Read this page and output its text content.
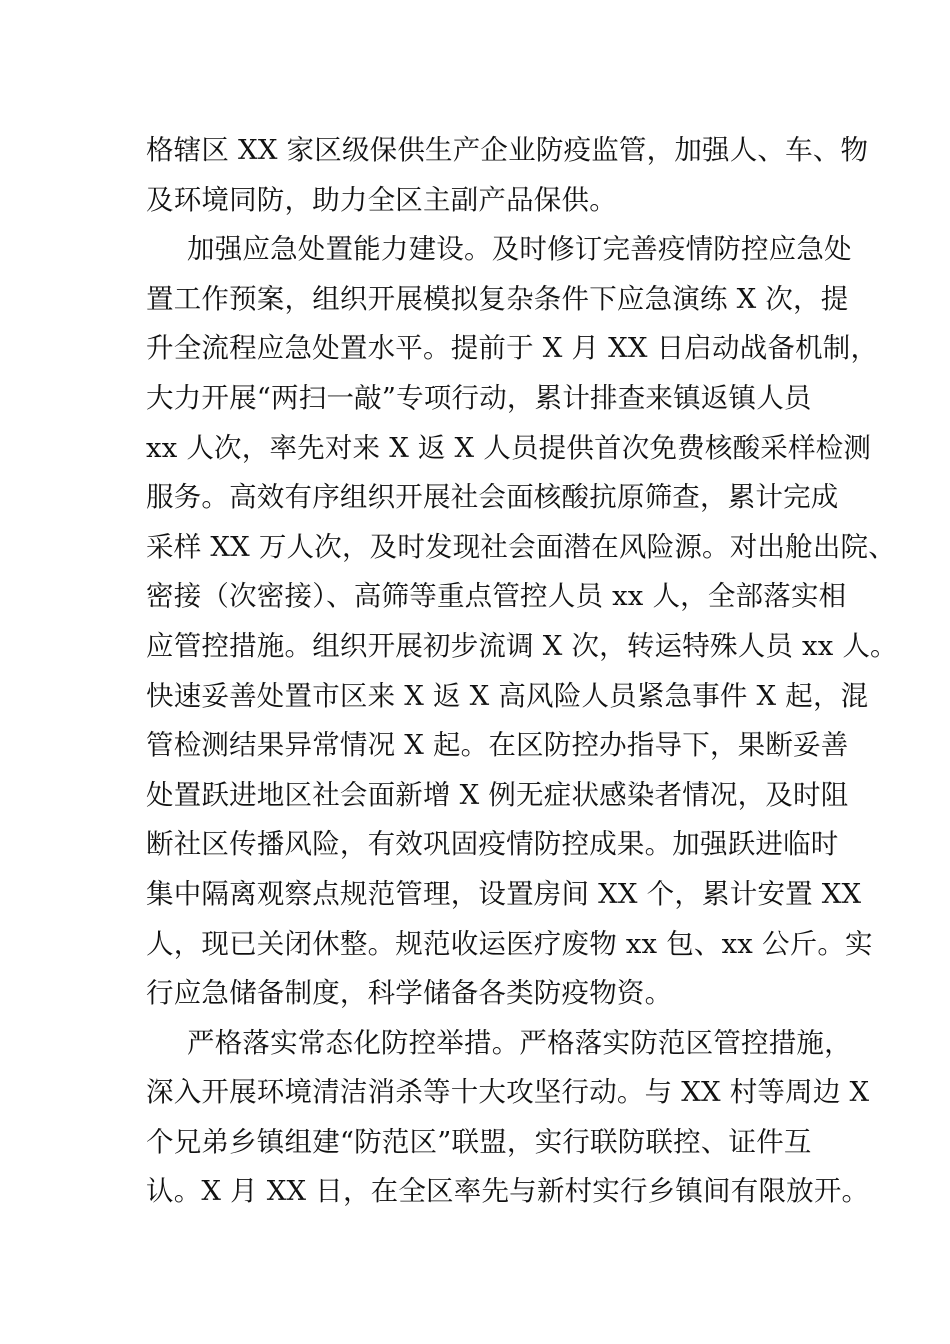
格辖区 XX 家区级保供生产企业防疫监管，加强人、车、物
及环境同防，助力全区主副产品保供。
加强应急处置能力建设。及时修订完善疫情防控应急处
置工作预案，组织开展模拟复杂条件下应急演练 X 次，提
升全流程应急处置水平。提前于 X 月 XX 日启动战备机制，
大力开展“两扫一敲”专项行动，累计排查来镇返镇人员
xx 人次，率先对来 X 返 X 人员提供首次免费核酸采样检测
服务。高效有序组织开展社会面核酸抗原筛查，累计完成
采样 XX 万人次，及时发现社会面潜在风险源。对出舱出院、
密接（次密接）、高筛等重点管控人员 xx 人，全部落实相
应管控措施。组织开展初步流调 X 次，转运特殊人员 xx 人。
快速妥善处置市区来 X 返 X 高风险人员紧急事件 X 起，混
管检测结果异常情况 X 起。在区防控办指导下，果断妥善
处置跃进地区社会面新增 X 例无症状感染者情况，及时阻
断社区传播风险，有效巩固疫情防控成果。加强跃进临时
集中隔离观察点规范管理，设置房间 XX 个，累计安置 XX
人，现已关闭休整。规范收运医疗废物 xx 包、xx 公斤。实
行应急储备制度，科学储备各类防疫物资。
严格落实常态化防控举措。严格落实防范区管控措施，
深入开展环境清洁消杀等十大攻坚行动。与 XX 村等周边 X
个兄弟乡镇组建“防范区”联盟，实行联防联控、证件互
认。X 月 XX 日，在全区率先与新村实行乡镇间有限放开。
